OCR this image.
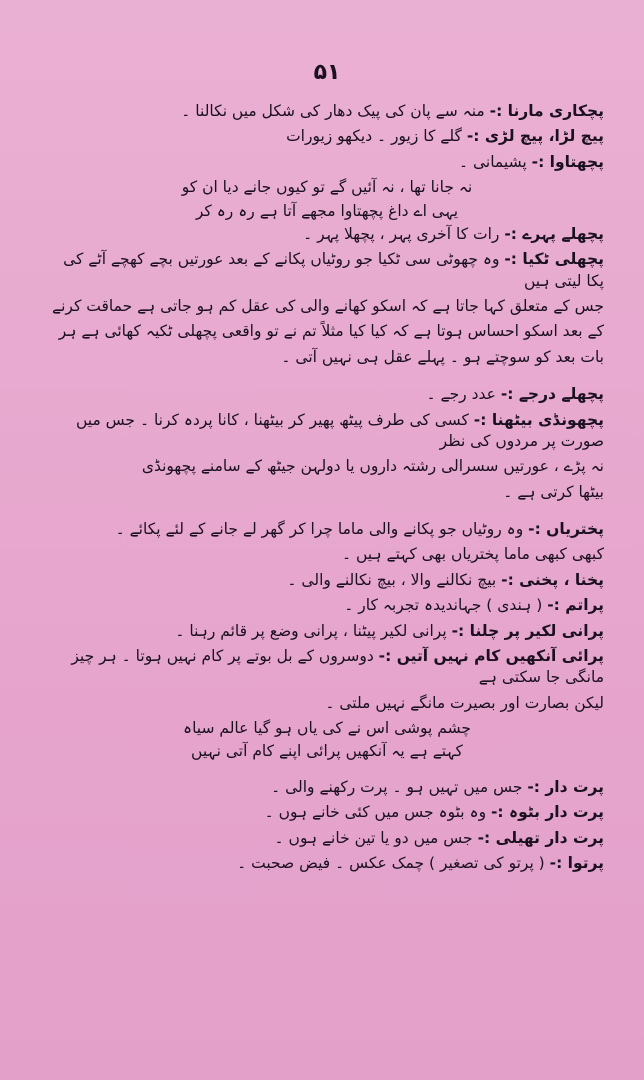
۵۱
پچکاری مارنا :- منہ سے پان کی پیک دھار کی شکل میں نکالنا ۔
پیچ لڑا، پیچ لڑی :- گلے کا زیور ۔ دیکھو زیورات
پچھتاوا :- پشیمانی ۔
نہ جانا تھا ، نہ آئیں گے تو کیوں جانے دیا ان کو
یہی اے داغ پچھتاوا مجھے آتا ہے رہ رہ کر
پچھلے پہرے :- رات کا آخری پہر ، پچھلا پہر ۔
پچھلی ٹکیا :- وہ چھوٹی سی ٹکیا جو روٹیاں پکانے کے بعد عورتیں بچے کھچے آٹے کی پکا لیتی ہیں
جس کے متعلق کہا جاتا ہے کہ اسکو کھانے والی کی عقل کم ہو جاتی ہے حماقت کرنے
کے بعد اسکو احساس ہوتا ہے کہ کیا کیا مثلاً تم نے تو واقعی پچھلی ٹکیہ کھائی ہے ہر
بات بعد کو سوچتے ہو ۔ پہلے عقل ہی نہیں آتی ۔
پچھلے درجے :- عدد رجے ۔
پچھونڈی بیٹھنا :- کسی کی طرف پیٹھ پھیر کر بیٹھنا ، کانا پردہ کرنا ۔ جس میں صورت پر مردوں کی نظر
نہ پڑے ، عورتیں سسرالی رشتہ داروں یا دولہن جیٹھ کے سامنے پچھونڈی
بیٹھا کرتی ہے ۔
پختریاں :- وہ روٹیاں جو پکانے والی ماما چرا کر گھر لے جانے کے لئے پکائے ۔
کبھی کبھی ماما پختریاں بھی کہتے ہیں ۔
پخنا ، پخنی :- بیچ نکالنے والا ، بیچ نکالنے والی ۔
پراتم :- ( ہندی ) جہاندیدہ تجربہ کار ۔
پرانی لکیر پر چلنا :- پرانی لکیر پیٹنا ، پرانی وضع پر قائم رہنا ۔
پرائی آنکھیں کام نہیں آتیں :- دوسروں کے بل بوتے پر کام نہیں ہوتا ۔ ہر چیز مانگی جا سکتی ہے
لیکن بصارت اور بصیرت مانگے نہیں ملتی ۔
چشم پوشی اس نے کی یاں ہو گیا عالم سیاہ
کہتے ہے یہ آنکھیں پرائی اپنے کام آتی نہیں
پرت دار :- جس میں تہیں ہو ۔ پرت رکھنے والی ۔
پرت دار بٹوہ :- وہ بٹوہ جس میں کئی خانے ہوں ۔
پرت دار تھیلی :- جس میں دو یا تین خانے ہوں ۔
پرتوا :- ( پرتو کی تصغیر ) چمک عکس ۔ فیض صحبت ۔
